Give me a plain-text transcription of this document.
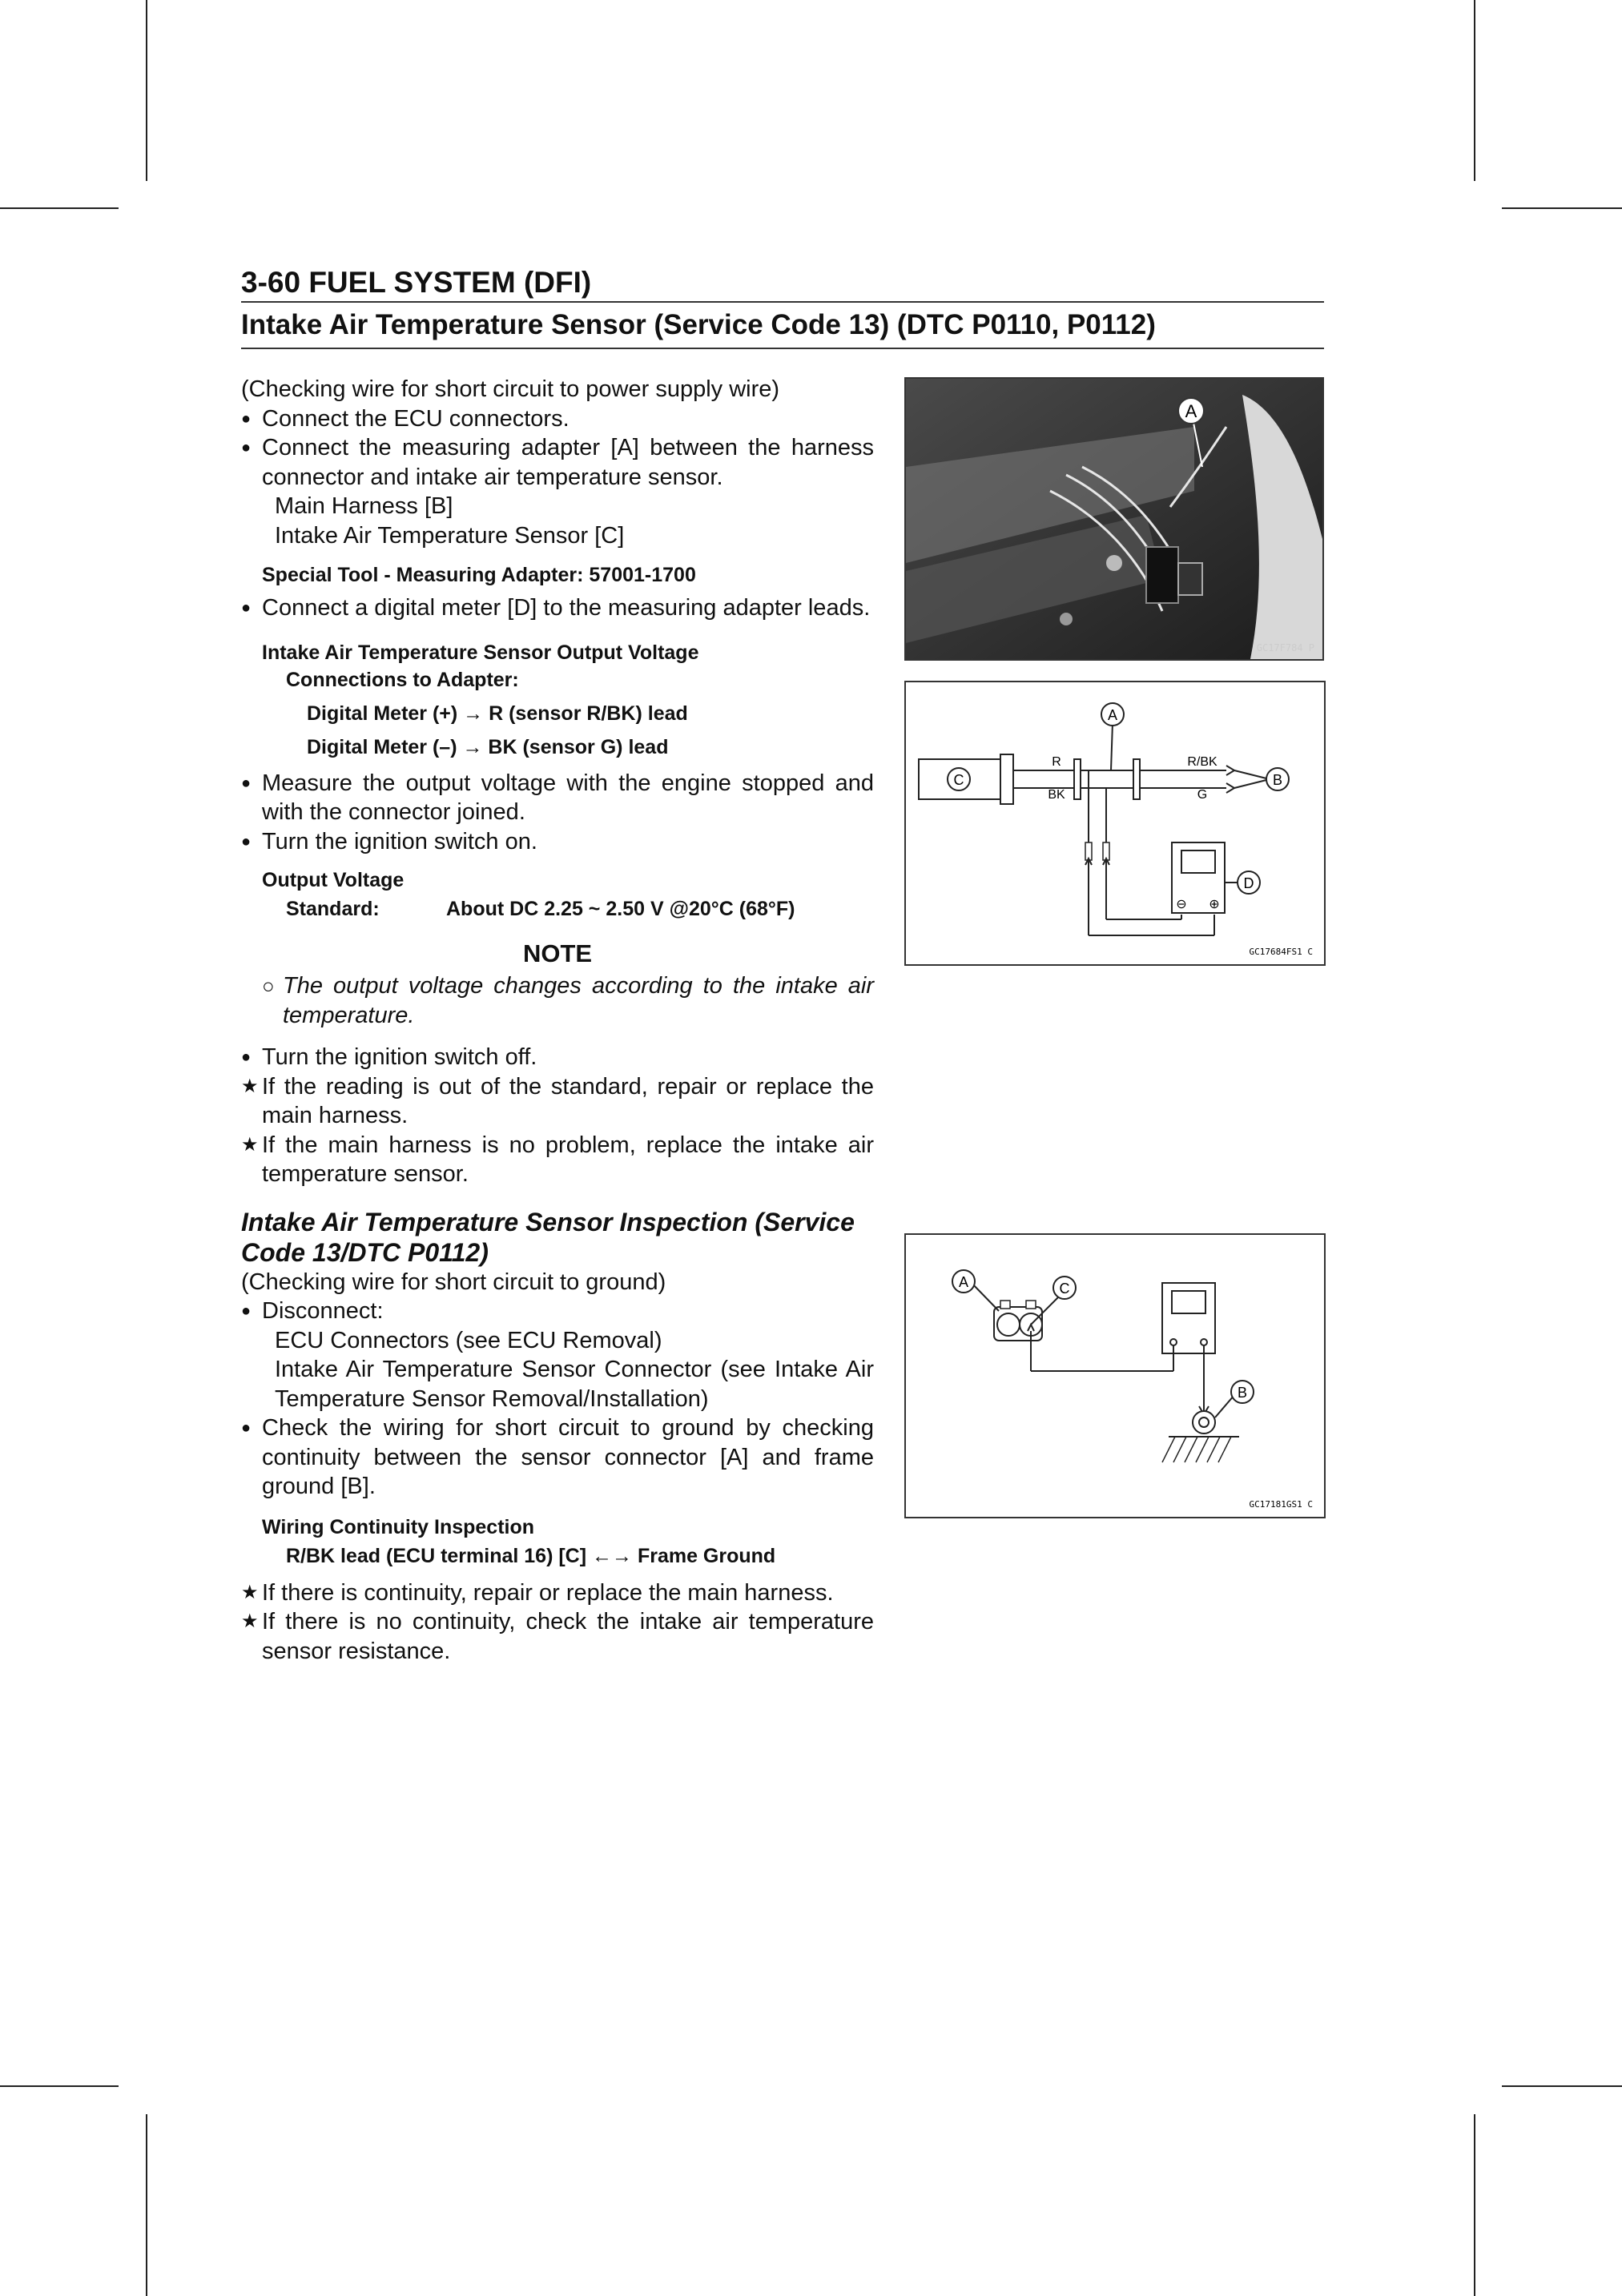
3-60 FUEL SYSTEM (DFI)
Intake Air Temperature Sensor (Service Code 13) (DTC P0110, P0112)

(Checking wire for short circuit to power supply wire)

● Connect the ECU connectors.

● Connect the measuring adapter [A] between the harness connector and intake air temperature sensor.

Main Harness [B]

Intake Air Temperature Sensor [C]

Special Tool - Measuring Adapter: 57001-1700

● Connect a digital meter [D] to the measuring adapter leads.

Intake Air Temperature Sensor Output Voltage
Connections to Adapter:
Digital Meter (+) → R (sensor R/BK) lead
Digital Meter (–) → BK (sensor G) lead

● Measure the output voltage with the engine stopped and with the connector joined.

● Turn the ignition switch on.

Output Voltage
Standard:	About DC 2.25 ~ 2.50 V @20°C (68°F)
NOTE

○ The output voltage changes according to the intake air temperature.

● Turn the ignition switch off.

★ If the reading is out of the standard, repair or replace the main harness.

★ If the main harness is no problem, replace the intake air temperature sensor.

Intake Air Temperature Sensor Inspection (Service Code 13/DTC P0112)

(Checking wire for short circuit to ground)

● Disconnect:

ECU Connectors (see ECU Removal)

Intake Air Temperature Sensor Connector (see Intake Air Temperature Sensor Removal/Installation)

● Check the wiring for short circuit to ground by checking continuity between the sensor connector [A] and frame ground [B].

Wiring Continuity Inspection
R/BK lead (ECU terminal 16) [C] ←→ Frame Ground

★ If there is continuity, repair or replace the main harness.

★ If there is no continuity, check the intake air temperature sensor resistance.

A
GC17F784 P
C
R
BK
A
R/BK
G
B
⊖ ⊕
D
GC17684FS1 C
A	C
B
GC17181GS1 C
